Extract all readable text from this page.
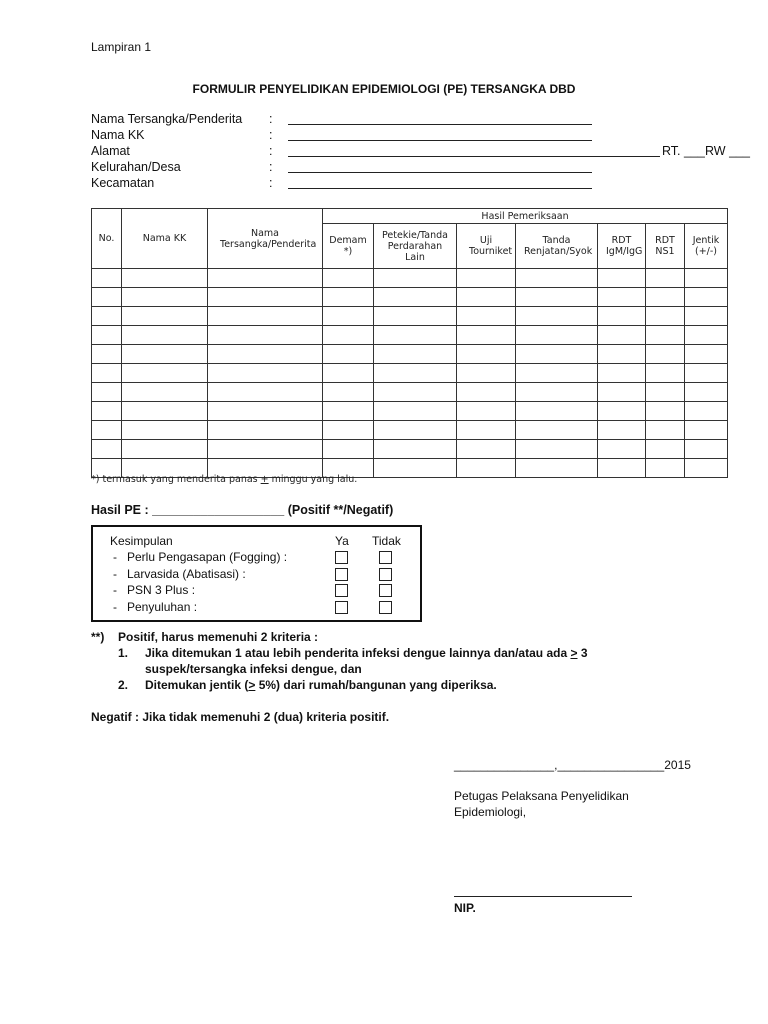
Lampiran 1
FORMULIR PENYELIDIKAN EPIDEMIOLOGI (PE) TERSANGKA DBD
Nama Tersangka/Penderita :
Nama KK	:
Alamat	:	RT. ___ RW ___
Kelurahan/Desa	:
Kecamatan	:
No.	Nama KK	Nama Tersangka/Penderita	Hasil Pemeriksaan						
			Demam *)	Petekie/Tanda Perdarahan Lain	Uji Tourniket	Tanda Renjatan/Syok	RDT IgM/IgG	RDT NS1	Jentik (+/-)

*) termasuk yang menderita panas + minggu yang lalu.
Hasil PE : ___________________ (Positif **/Negatif)
Kesimpulan	Ya Tidak
- Perlu Pengasapan (Fogging) :
- Larvasida (Abatisasi) :
- PSN 3 Plus :
- Penyuluhan :
**) Positif, harus memenuhi 2 kriteria :
1. Jika ditemukan 1 atau lebih penderita infeksi dengue lainnya dan/atau ada > 3
suspek/tersangka infeksi dengue, dan
2. Ditemukan jentik (> 5%) dari rumah/bangunan yang diperiksa.
Negatif : Jika tidak memenuhi 2 (dua) kriteria positif.
_______________,________________2015
Petugas Pelaksana Penyelidikan
Epidemiologi,
NIP.
